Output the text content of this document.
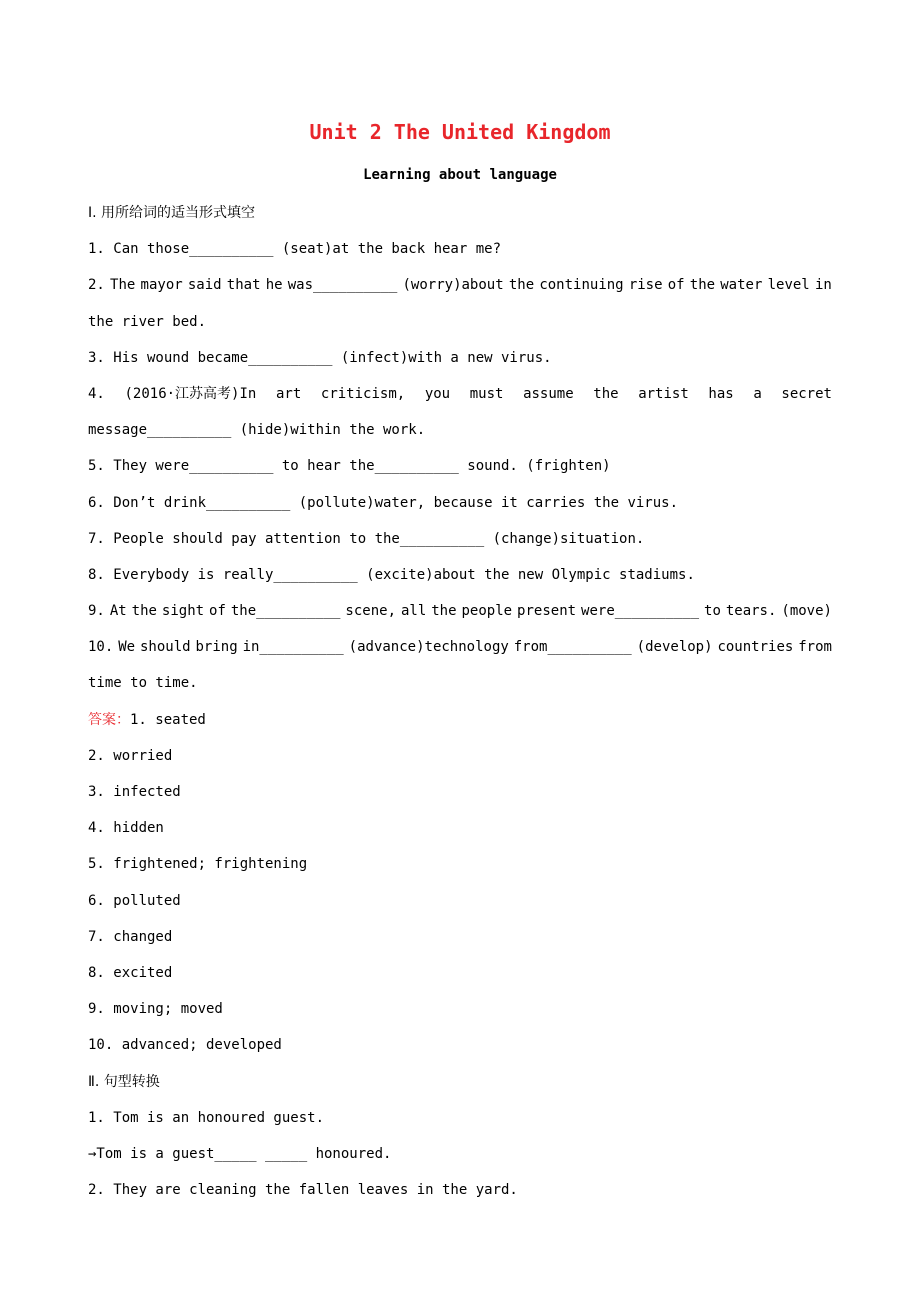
Unit 2 The United Kingdom
Learning about language
Ⅰ. 用所给词的适当形式填空
1. Can those__________ (seat)at the back hear me?
2. The mayor said that he was__________ (worry)about the continuing rise of the water level in
the river bed.
3. His wound became__________ (infect)with a new virus.
4. (2016·江苏高考)In art criticism, you must assume the artist has a secret
message__________ (hide)within the work.
5. They were__________ to hear the__________ sound. (frighten)
6. Don’t drink__________ (pollute)water, because it carries the virus.
7. People should pay attention to the__________ (change)situation.
8. Everybody is really__________ (excite)about the new Olympic stadiums.
9. At the sight of the__________ scene, all the people present were__________ to tears. (move)
10. We should bring in__________ (advance)technology from__________ (develop) countries from
time to time.
答案：1. seated
2. worried
3. infected
4. hidden
5. frightened; frightening
6. polluted
7. changed
8. excited
9. moving; moved
10. advanced; developed
Ⅱ. 句型转换
1. Tom is an honoured guest.
→Tom is a guest_____ _____ honoured.
2. They are cleaning the fallen leaves in the yard.
